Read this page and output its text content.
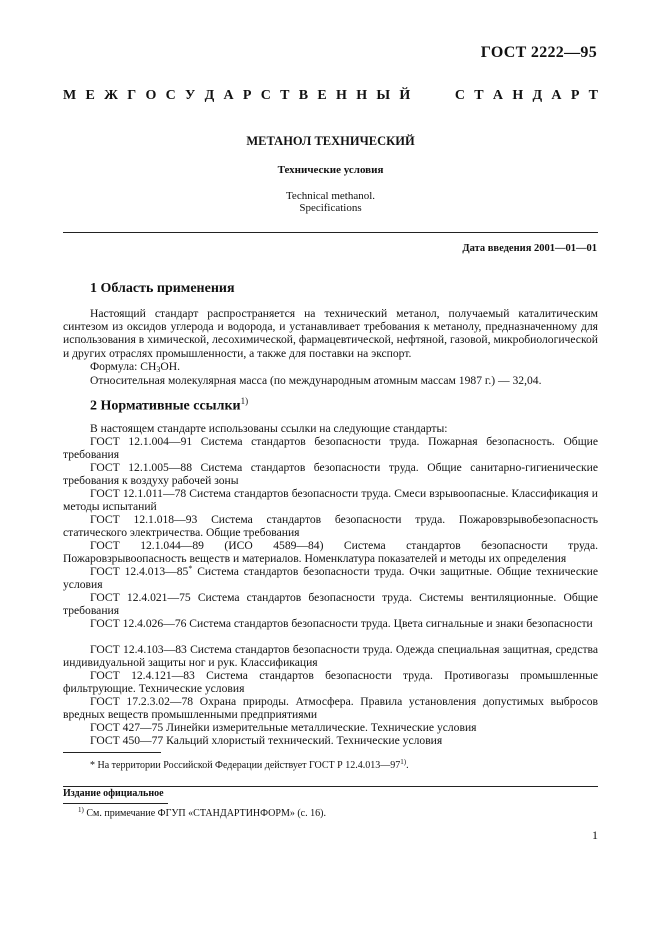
ГОСТ 2222—95
М Е Ж Г О С У Д А Р С Т В Е Н Н Ы Й	С Т А Н Д А Р Т
МЕТАНОЛ ТЕХНИЧЕСКИЙ
Технические условия
Technical methanol.
Specifications
Дата введения 2001—01—01
1 Область применения
Настоящий стандарт распространяется на технический метанол, получаемый каталитическим синтезом из оксидов углерода и водорода, и устанавливает требования к метанолу, предназначенному для использования в химической, лесохимической, фармацевтической, нефтяной, газовой, микробиологической и других отраслях промышленности, а также для поставки на экспорт.
Формула: $CH_3OH$.
Относительная молекулярная масса (по международным атомным массам 1987 г.) — 32,04.
2 Нормативные ссылки$^{1)}$
В настоящем стандарте использованы ссылки на следующие стандарты:
ГОСТ 12.1.004—91 Система стандартов безопасности труда. Пожарная безопасность. Общие требования
ГОСТ 12.1.005—88 Система стандартов безопасности труда. Общие санитарно-гигиенические требования к воздуху рабочей зоны
ГОСТ 12.1.011—78 Система стандартов безопасности труда. Смеси взрывоопасные. Классификация и методы испытаний
ГОСТ 12.1.018—93 Система стандартов безопасности труда. Пожаровзрывобезопасность статического электричества. Общие требования
ГОСТ 12.1.044—89 (ИСО 4589—84) Система стандартов безопасности труда. Пожаровзрывоопасность веществ и материалов. Номенклатура показателей и методы их определения
ГОСТ 12.4.013—85* Система стандартов безопасности труда. Очки защитные. Общие технические условия
ГОСТ 12.4.021—75 Система стандартов безопасности труда. Системы вентиляционные. Общие требования
ГОСТ 12.4.026—76 Система стандартов безопасности труда. Цвета сигнальные и знаки безопасности
ГОСТ 12.4.103—83 Система стандартов безопасности труда. Одежда специальная защитная, средства индивидуальной защиты ног и рук. Классификация
ГОСТ 12.4.121—83 Система стандартов безопасности труда. Противогазы промышленные фильтрующие. Технические условия
ГОСТ 17.2.3.02—78 Охрана природы. Атмосфера. Правила установления допустимых выбросов вредных веществ промышленными предприятиями
ГОСТ 427—75 Линейки измерительные металлические. Технические условия
ГОСТ 450—77 Кальций хлористый технический. Технические условия
* На территории Российской Федерации действует ГОСТ Р 12.4.013—97$^{1)}$.
Издание официальное
$^{1)}$ См. примечание ФГУП «СТАНДАРТИНФОРМ» (с. 16).
1
